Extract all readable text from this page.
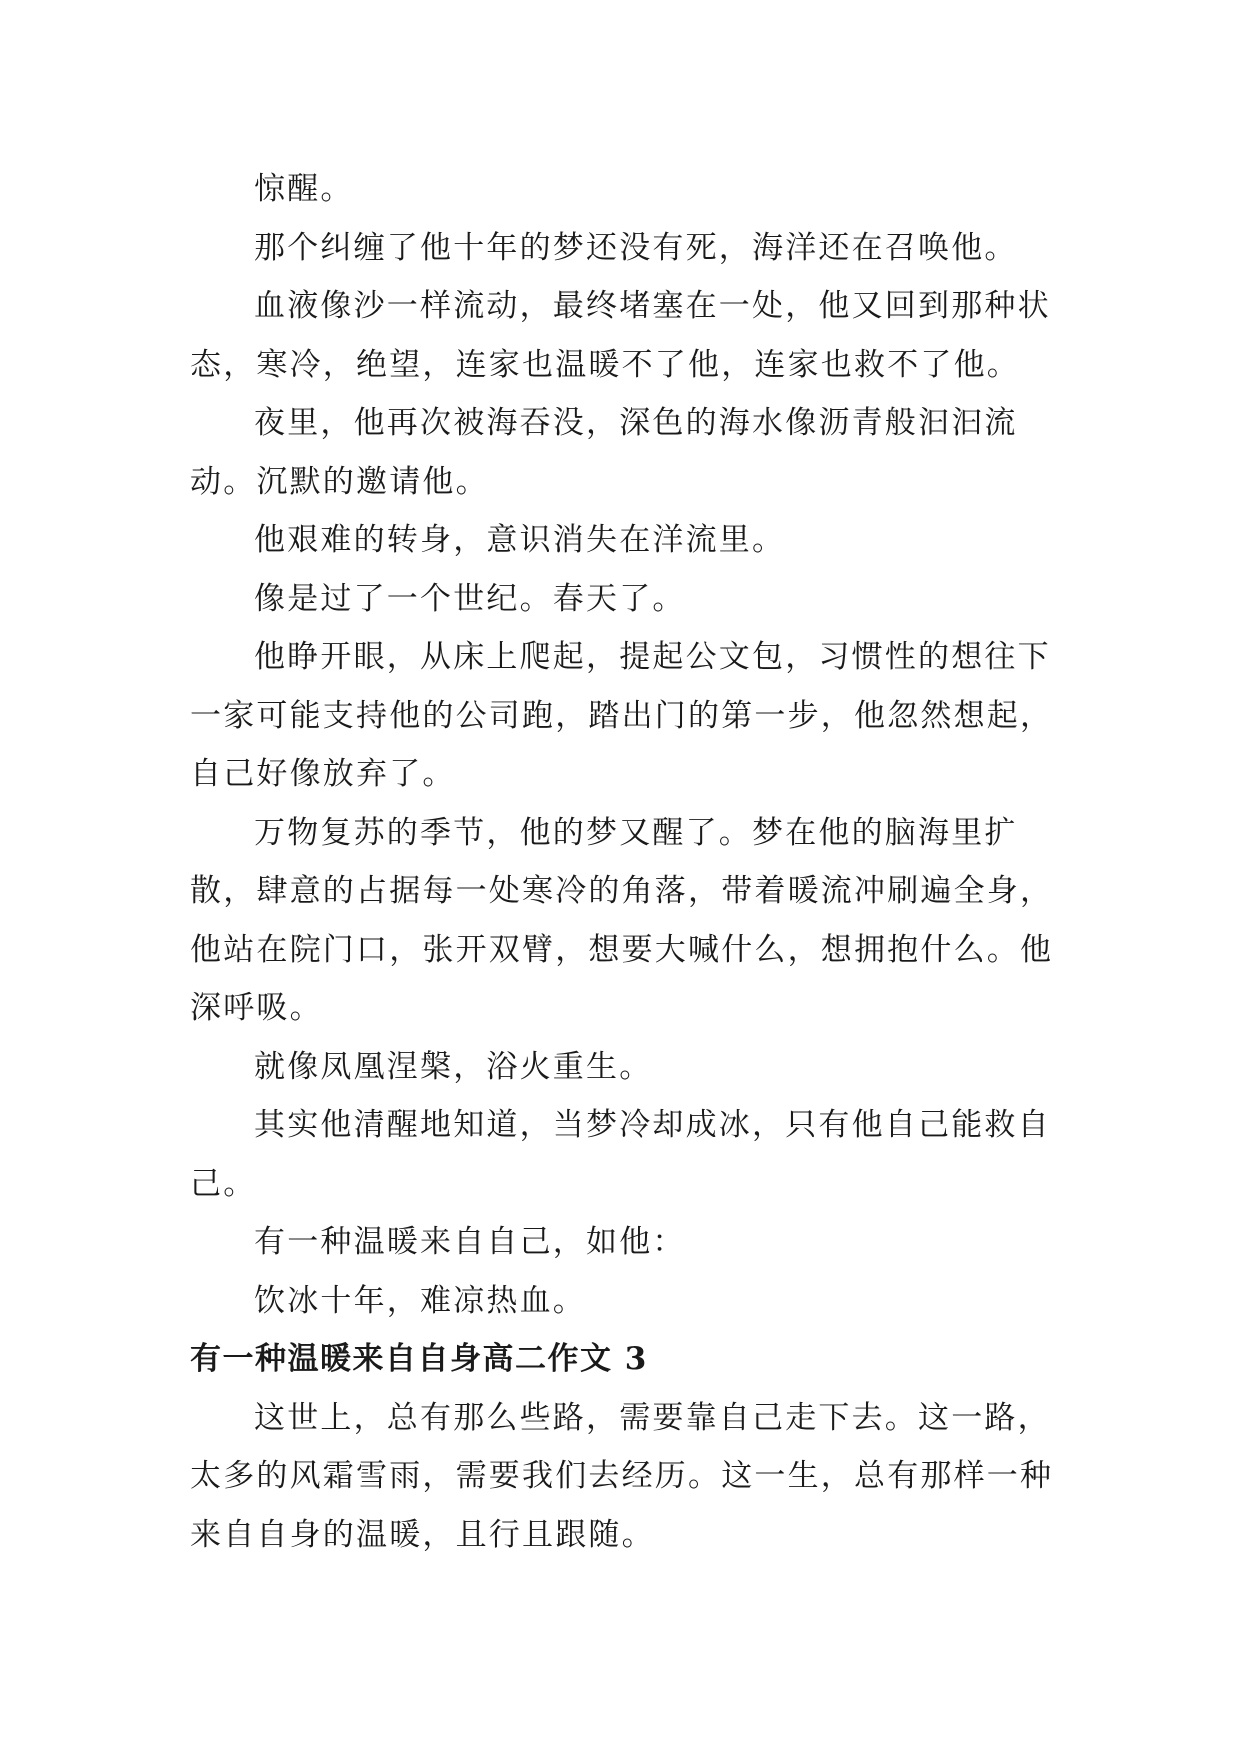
惊醒。

那个纠缠了他十年的梦还没有死，海洋还在召唤他。

血液像沙一样流动，最终堵塞在一处，他又回到那种状态，寒冷，绝望，连家也温暖不了他，连家也救不了他。

夜里，他再次被海吞没，深色的海水像沥青般汩汩流动。沉默的邀请他。

他艰难的转身，意识消失在洋流里。

像是过了一个世纪。春天了。

他睁开眼，从床上爬起，提起公文包，习惯性的想往下一家可能支持他的公司跑，踏出门的第一步，他忽然想起，自己好像放弃了。

万物复苏的季节，他的梦又醒了。梦在他的脑海里扩散，肆意的占据每一处寒冷的角落，带着暖流冲刷遍全身，他站在院门口，张开双臂，想要大喊什么，想拥抱什么。他深呼吸。

就像凤凰涅槃，浴火重生。

其实他清醒地知道，当梦冷却成冰，只有他自己能救自己。

有一种温暖来自自己，如他：

饮冰十年，难凉热血。

有一种温暖来自自身高二作文 3

这世上，总有那么些路，需要靠自己走下去。这一路，太多的风霜雪雨，需要我们去经历。这一生，总有那样一种来自自身的温暖，且行且跟随。
